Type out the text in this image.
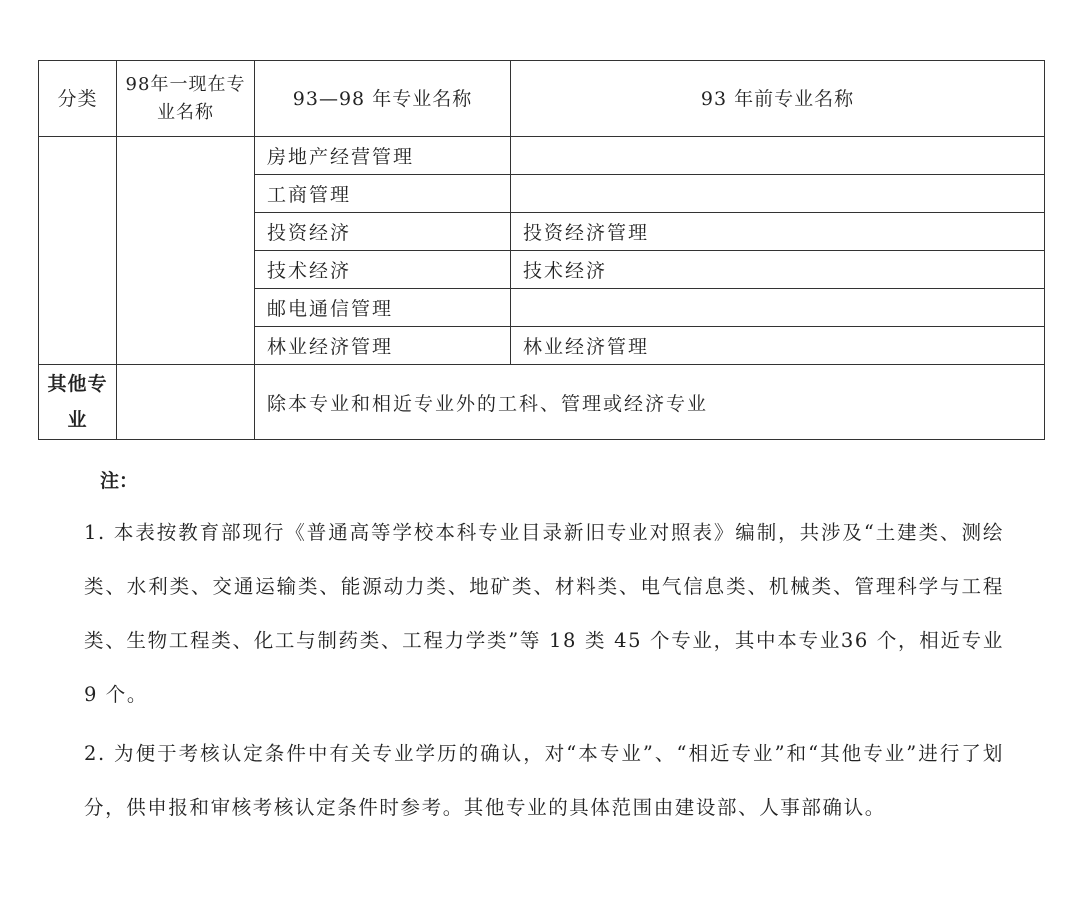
分类	98年一现在专业名称	93—98 年专业名称	93 年前专业名称
		房地产经营管理	
		工商管理	
		投资经济	投资经济管理
		技术经济	技术经济
		邮电通信管理	
		林业经济管理	林业经济管理
其他专业		除本专业和相近专业外的工科、管理或经济专业	
注：
1. 本表按教育部现行《普通高等学校本科专业目录新旧专业对照表》编制，共涉及“土建类、测绘类、水利类、交通运输类、能源动力类、地矿类、材料类、电气信息类、机械类、管理科学与工程类、生物工程类、化工与制药类、工程力学类”等 18 类 45 个专业，其中本专业36 个，相近专业 9 个。
2. 为便于考核认定条件中有关专业学历的确认，对“本专业”、“相近专业”和“其他专业”进行了划分，供申报和审核考核认定条件时参考。其他专业的具体范围由建设部、人事部确认。
